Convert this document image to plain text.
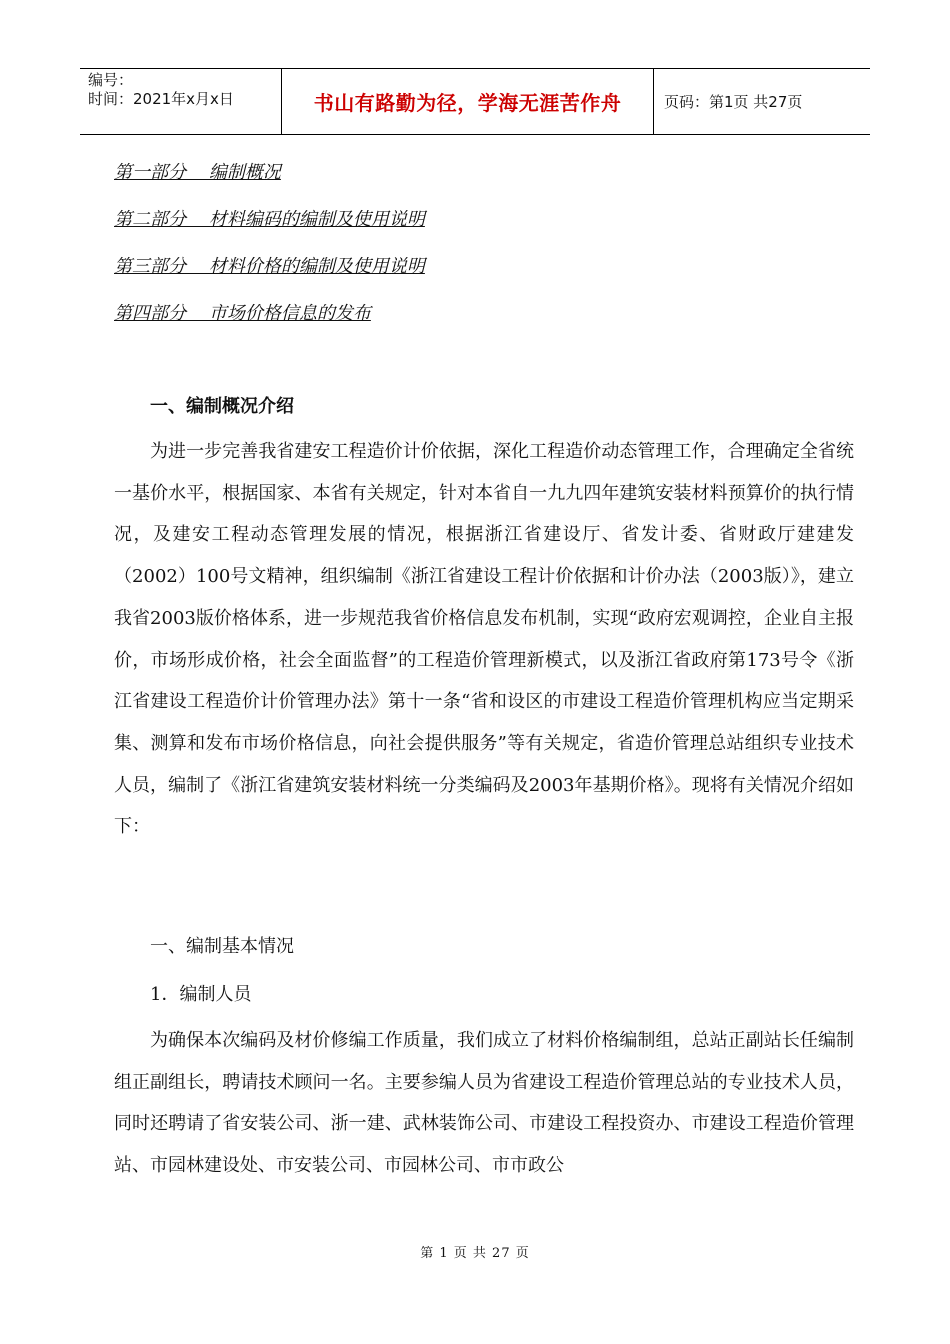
编号：
时间：2021年x月x日	书山有路勤为径，学海无涯苦作舟	页码：第1页 共27页
第一部分    编制概况
第二部分    材料编码的编制及使用说明
第三部分    材料价格的编制及使用说明
第四部分    市场价格信息的发布
一、编制概况介绍

为进一步完善我省建安工程造价计价依据，深化工程造价动态管理工作，合理确定全省统一基价水平，根据国家、本省有关规定，针对本省自一九九四年建筑安装材料预算价的执行情况，及建安工程动态管理发展的情况，根据浙江省建设厅、省发计委、省财政厅建建发（2002）100号文精神，组织编制《浙江省建设工程计价依据和计价办法（2003版）》，建立我省2003版价格体系，进一步规范我省价格信息发布机制，实现“政府宏观调控，企业自主报价，市场形成价格，社会全面监督”的工程造价管理新模式，以及浙江省政府第173号令《浙江省建设工程造价计价管理办法》第十一条“省和设区的市建设工程造价管理机构应当定期采集、测算和发布市场价格信息，向社会提供服务”等有关规定，省造价管理总站组织专业技术人员，编制了《浙江省建筑安装材料统一分类编码及2003年基期价格》。现将有关情况介绍如下：

一、编制基本情况
1．编制人员

为确保本次编码及材价修编工作质量，我们成立了材料价格编制组，总站正副站长任编制组正副组长，聘请技术顾问一名。主要参编人员为省建设工程造价管理总站的专业技术人员，同时还聘请了省安装公司、浙一建、武林装饰公司、市建设工程投资办、市建设工程造价管理站、市园林建设处、市安装公司、市园林公司、市市政公

第 1 页 共 27 页
